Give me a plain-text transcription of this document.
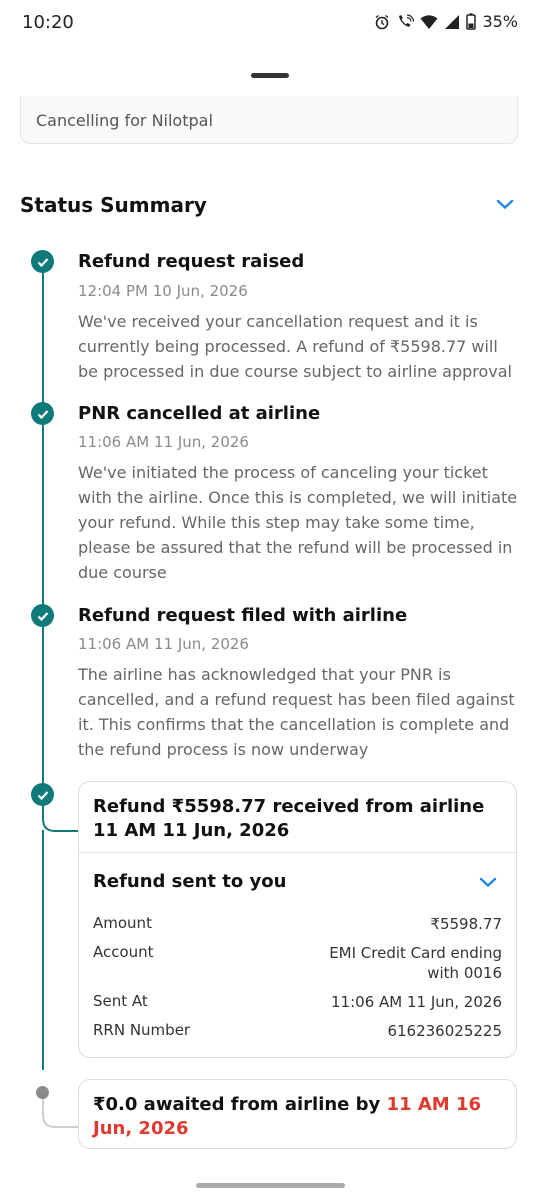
10:20	35%
Cancelling for Nilotpal
Status Summary
Refund request raised
12:04 PM 10 Jun, 2026
We've received your cancellation request and it is currently being processed. A refund of ₹5598.77 will be processed in due course subject to airline approval
PNR cancelled at airline
11:06 AM 11 Jun, 2026
We've initiated the process of canceling your ticket with the airline. Once this is completed, we will initiate your refund. While this step may take some time, please be assured that the refund will be processed in due course
Refund request filed with airline
11:06 AM 11 Jun, 2026
The airline has acknowledged that your PNR is cancelled, and a refund request has been filed against it. This confirms that the cancellation is complete and the refund process is now underway
Refund ₹5598.77 received from airline 11 AM 11 Jun, 2026
Refund sent to you
Amount	₹5598.77
Account	EMI Credit Card ending with 0016
Sent At	11:06 AM 11 Jun, 2026
RRN Number	616236025225
₹0.0 awaited from airline by 11 AM 16 Jun, 2026
